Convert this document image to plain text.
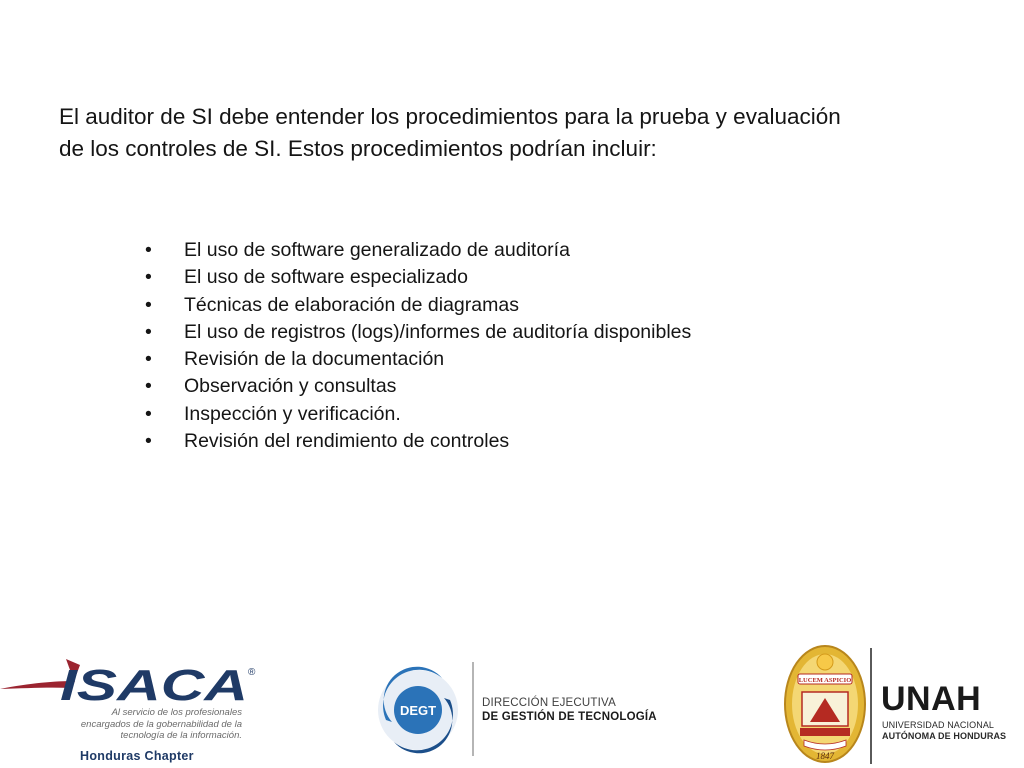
El auditor de SI debe entender los procedimientos para la prueba y evaluación
de los controles de SI. Estos procedimientos podrían incluir:

•	El uso de software generalizado de auditoría
•	El uso de software especializado
•	Técnicas de elaboración de diagramas
•	El uso de registros (logs)/informes de auditoría disponibles
•	Revisión de la documentación
•	Observación y consultas
•	Inspección y verificación.
•	Revisión del rendimiento de controles
ISACA ®
Al servicio de los profesionales
encargados de la gobernabilidad de la
tecnología de la información.
Honduras Chapter
DEGT	DIRECCIÓN EJECUTIVA
DE GESTIÓN DE TECNOLOGÍA
LUCEM ASPICIO
1847
UNAH
UNIVERSIDAD NACIONAL
AUTÓNOMA DE HONDURAS
